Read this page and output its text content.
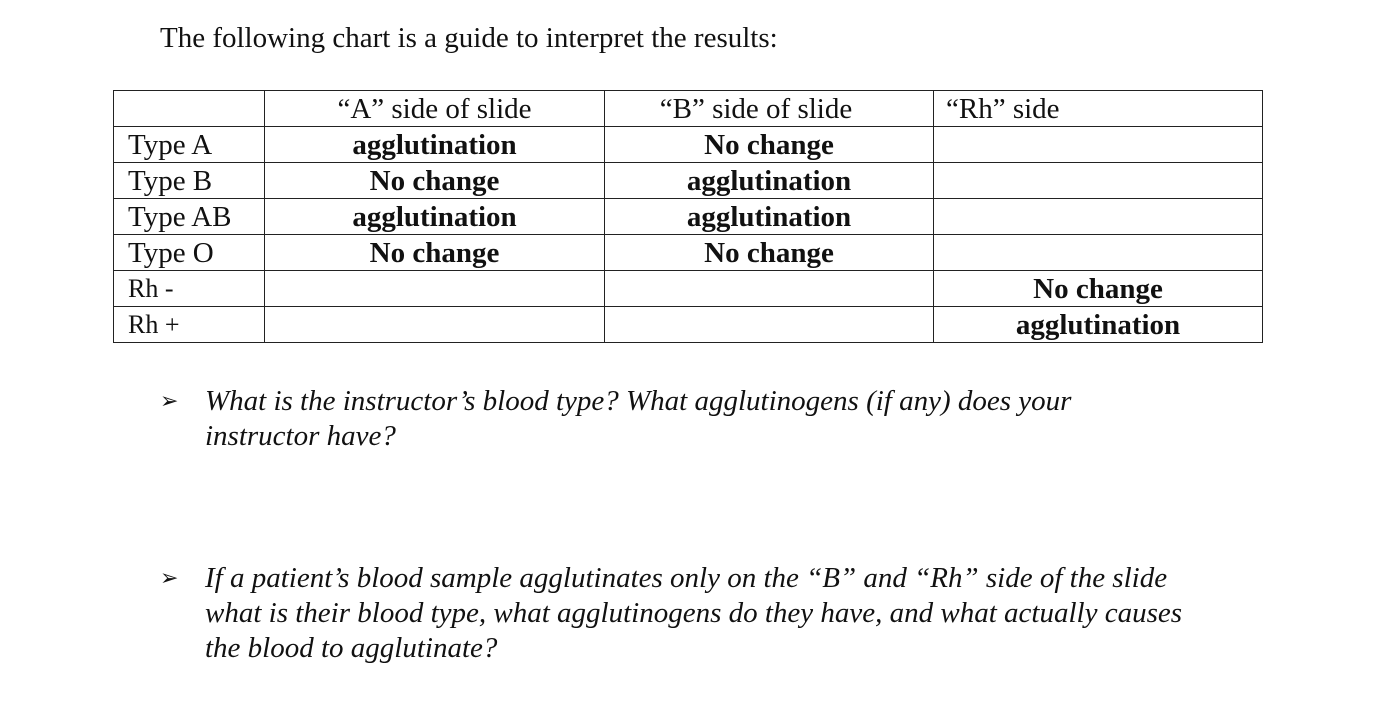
The following chart is a guide to interpret the results:

	“A” side of slide	“B” side of slide	“Rh” side
Type A	agglutination	No change	
Type B	No change	agglutination	
Type AB	agglutination	agglutination	
Type O	No change	No change	
Rh -			No change
Rh +			agglutination
➢ What is the instructor’s blood type? What agglutinogens (if any) does your instructor have?
➢ If a patient’s blood sample agglutinates only on the “B” and “Rh” side of the slide what is their blood type, what agglutinogens do they have, and what actually causes the blood to agglutinate?
